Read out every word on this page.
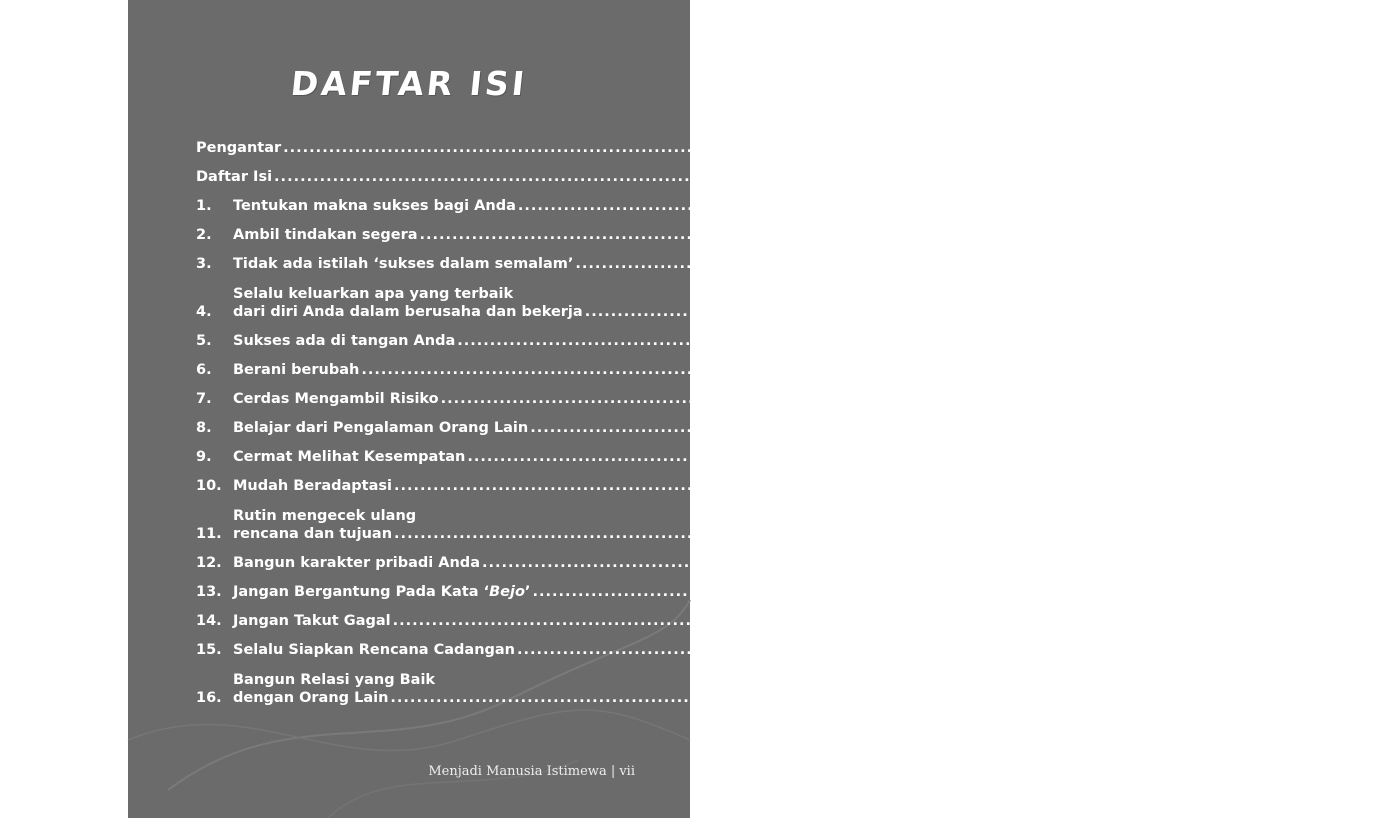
DAFTAR ISI
Pengantar ........................................................................................ v
Daftar Isi ........................................................................................ vii
1.	Tentukan makna sukses bagi Anda ........................................................................................................................ 1
2.	Ambil tindakan segera ........................................................................................................................ 3
3.	Tidak ada istilah ‘sukses dalam semalam’ ........................................................................................................................ 5
4.
Selalu keluarkan apa yang terbaik
dari diri Anda dalam berusaha dan bekerja ........................................................................................................................ 7
5.	Sukses ada di tangan Anda ........................................................................................................................ 9
6.	Berani berubah ........................................................................................................................ 11
7.	Cerdas Mengambil Risiko ........................................................................................................................ 14
8.	Belajar dari Pengalaman Orang Lain ........................................................................................................................ 16
9.	Cermat Melihat Kesempatan ........................................................................................................................ 18
10. Mudah Beradaptasi ........................................................................................................................ 21
11.
Rutin mengecek ulang
rencana dan tujuan ........................................................................................................................ 24
12. Bangun karakter pribadi Anda ........................................................................................................................ 26
13. Jangan Bergantung Pada Kata ‘ Bejo ’ ........................................................................................................................ 28
14. Jangan Takut Gagal ........................................................................................................................ 30
15. Selalu Siapkan Rencana Cadangan ........................................................................................................................ 33
16.
Bangun Relasi yang Baik
dengan Orang Lain ........................................................................................................................ 36
Menjadi Manusia Istimewa | vii
